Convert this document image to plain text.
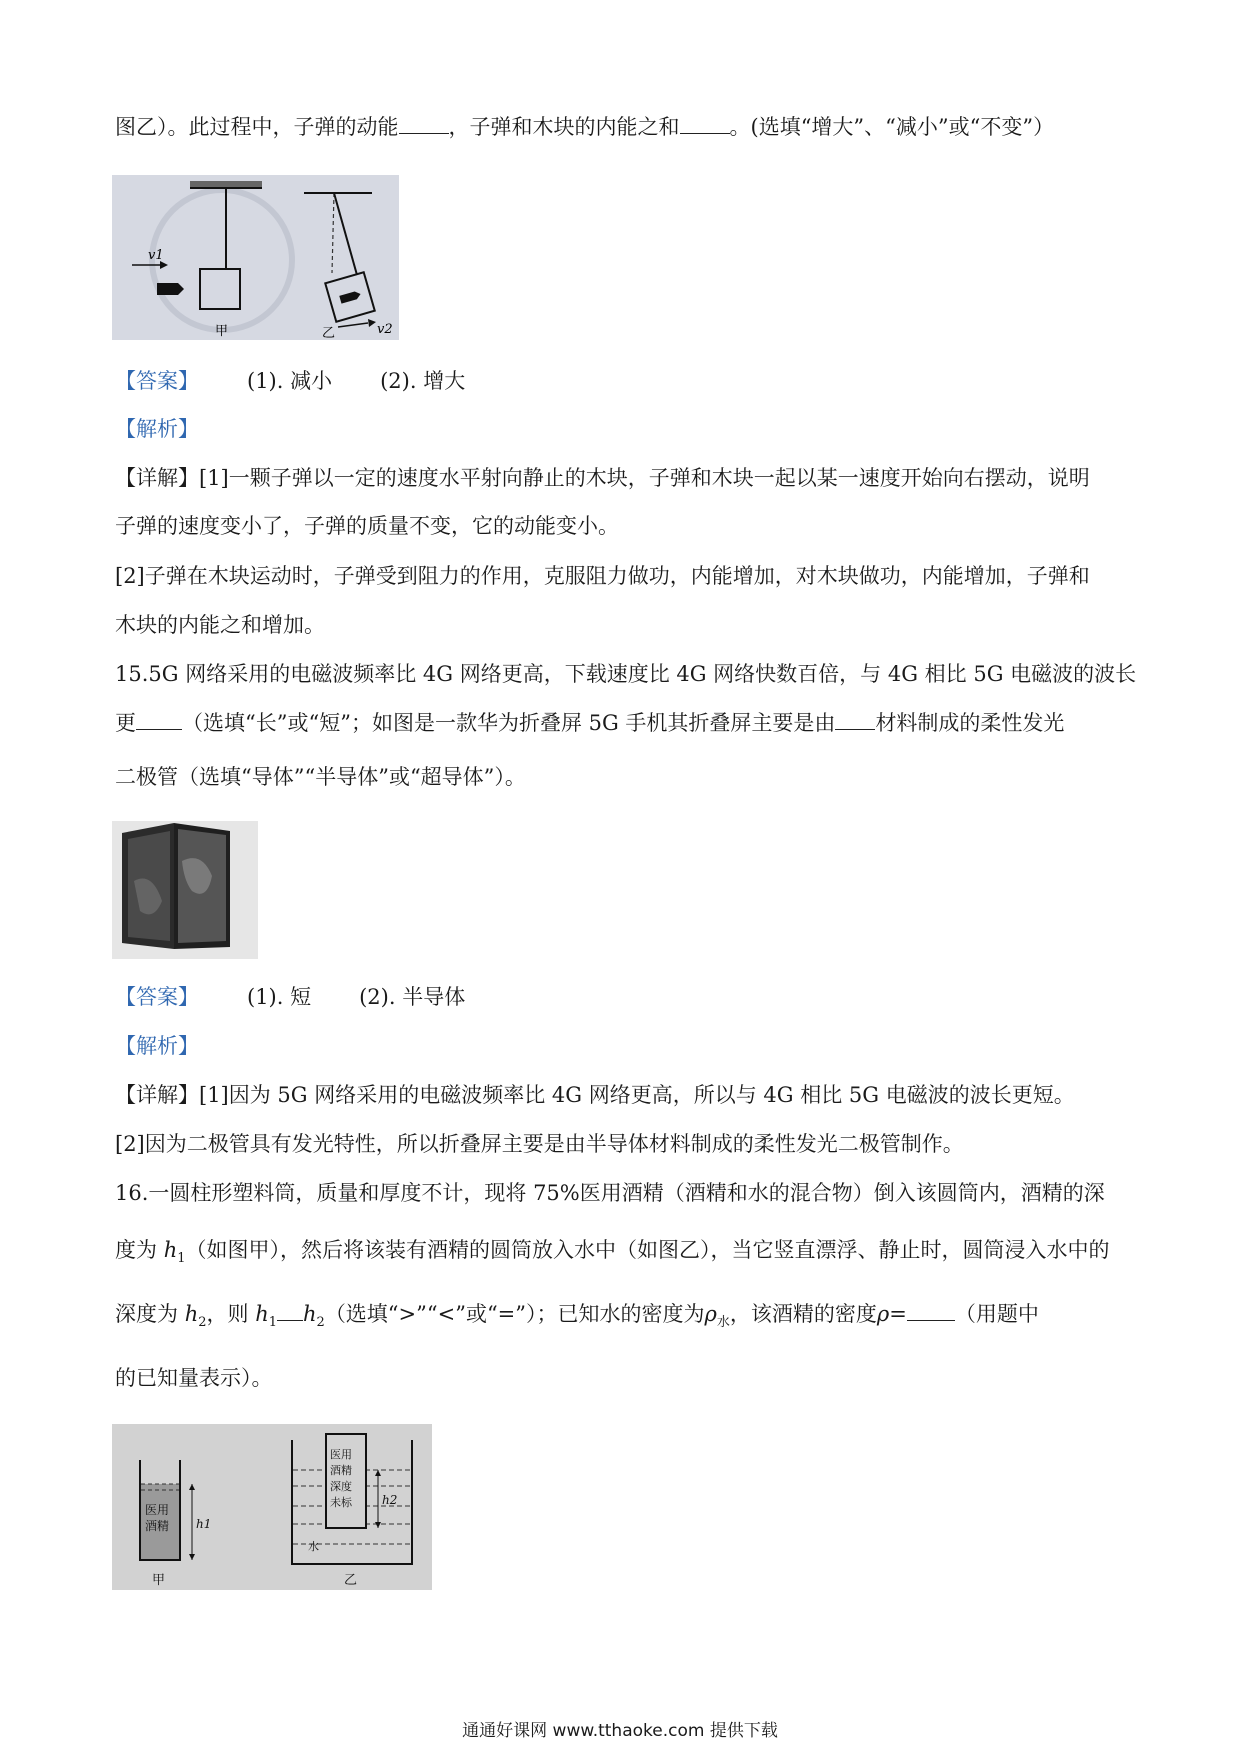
图乙）。此过程中，子弹的动能 ，子弹和木块的内能之和 。(选填“增大”、“减小”或“不变”）
v1
甲	v2
乙
【答案】 (1). 减小 (2). 增大
【解析】
【详解】[1]一颗子弹以一定的速度水平射向静止的木块，子弹和木块一起以某一速度开始向右摆动，说明
子弹的速度变小了，子弹的质量不变，它的动能变小。
[2]子弹在木块运动时，子弹受到阻力的作用，克服阻力做功，内能增加，对木块做功，内能增加，子弹和
木块的内能之和增加。
15.5G 网络采用的电磁波频率比 4G 网络更高，下载速度比 4G 网络快数百倍，与 4G 相比 5G 电磁波的波长
更 （选填“长”或“短”；如图是一款华为折叠屏 5G 手机其折叠屏主要是由 材料制成的柔性发光
二极管（选填“导体”“半导体”或“超导体”）。
【答案】 (1). 短 (2). 半导体
【解析】
【详解】[1]因为 5G 网络采用的电磁波频率比 4G 网络更高，所以与 4G 相比 5G 电磁波的波长更短。
[2]因为二极管具有发光特性，所以折叠屏主要是由半导体材料制成的柔性发光二极管制作。
16.一圆柱形塑料筒，质量和厚度不计，现将 75%医用酒精（酒精和水的混合物）倒入该圆筒内，酒精的深
度为 $h_1$（如图甲），然后将该装有酒精的圆筒放入水中（如图乙），当它竖直漂浮、静止时，圆筒浸入水中的
深度为 $h_2$，则 $h_1$ $h_2$（选填“>”“<”或“=”）；已知水的密度为$\rho_水$，该酒精的密度ρ= （用题中
的已知量表示）。
医用
酒精 h1
甲
医用
酒精
深度
未标	h2
水
乙
通通好课网 www.tthaoke.com 提供下载
